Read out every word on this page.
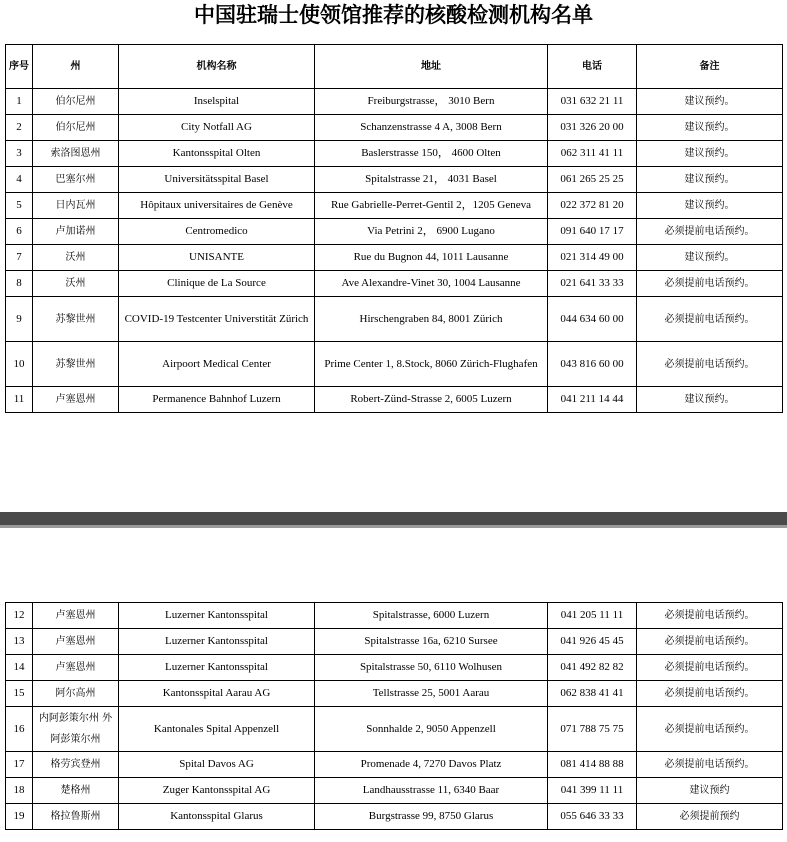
中国驻瑞士使领馆推荐的核酸检测机构名单
序号	州	机构名称	地址	电话	备注
1	伯尔尼州	Inselspital	Freiburgstrasse， 3010 Bern	031 632 21 11	建议预约。
2	伯尔尼州	City Notfall AG	Schanzenstrasse 4 A, 3008 Bern	031 326 20 00	建议预约。
3	索洛图恩州	Kantonsspital Olten	Baslerstrasse 150， 4600 Olten	062 311 41 11	建议预约。
4	巴塞尔州	Universitätsspital Basel	Spitalstrasse 21， 4031 Basel	061 265 25 25	建议预约。
5	日内瓦州	Hôpitaux universitaires de Genève	Rue Gabrielle-Perret-Gentil 2，1205 Geneva	022 372 81 20	建议预约。
6	卢加诺州	Centromedico	Via Petrini 2， 6900 Lugano	091 640 17 17	必须提前电话预约。
7	沃州	UNISANTE	Rue du Bugnon 44, 1011 Lausanne	021 314 49 00	建议预约。
8	沃州	Clinique de La Source	Ave Alexandre-Vinet 30, 1004 Lausanne	021 641 33 33	必须提前电话预约。
9	苏黎世州	COVID-19 Testcenter Universtität Zürich	Hirschengraben 84, 8001 Zürich	044 634 60 00	必须提前电话预约。
10	苏黎世州	Airpoort Medical Center	Prime Center 1, 8.Stock, 8060 Zürich-Flughafen	043 816 60 00	必须提前电话预约。
11	卢塞恩州	Permanence Bahnhof Luzern	Robert-Zünd-Strasse 2, 6005 Luzern	041 211 14 44	建议预约。
12	卢塞恩州	Luzerner Kantonsspital	Spitalstrasse, 6000 Luzern	041 205 11 11	必须提前电话预约。
13	卢塞恩州	Luzerner Kantonsspital	Spitalstrasse 16a, 6210 Sursee	041 926 45 45	必须提前电话预约。
14	卢塞恩州	Luzerner Kantonsspital	Spitalstrasse 50, 6110 Wolhusen	041 492 82 82	必须提前电话预约。
15	阿尔高州	Kantonsspital Aarau AG	Tellstrasse 25, 5001 Aarau	062 838 41 41	必须提前电话预约。
16	内阿彭策尔州 外阿彭策尔州	Kantonales Spital Appenzell	Sonnhalde 2, 9050 Appenzell	071 788 75 75	必须提前电话预约。
17	格劳宾登州	Spital Davos AG	Promenade 4, 7270 Davos Platz	081 414 88 88	必须提前电话预约。
18	楚格州	Zuger Kantonsspital AG	Landhausstrasse 11, 6340 Baar	041 399 11 11	建议预约
19	格拉鲁斯州	Kantonsspital Glarus	Burgstrasse 99, 8750 Glarus	055 646 33 33	必须提前预约
